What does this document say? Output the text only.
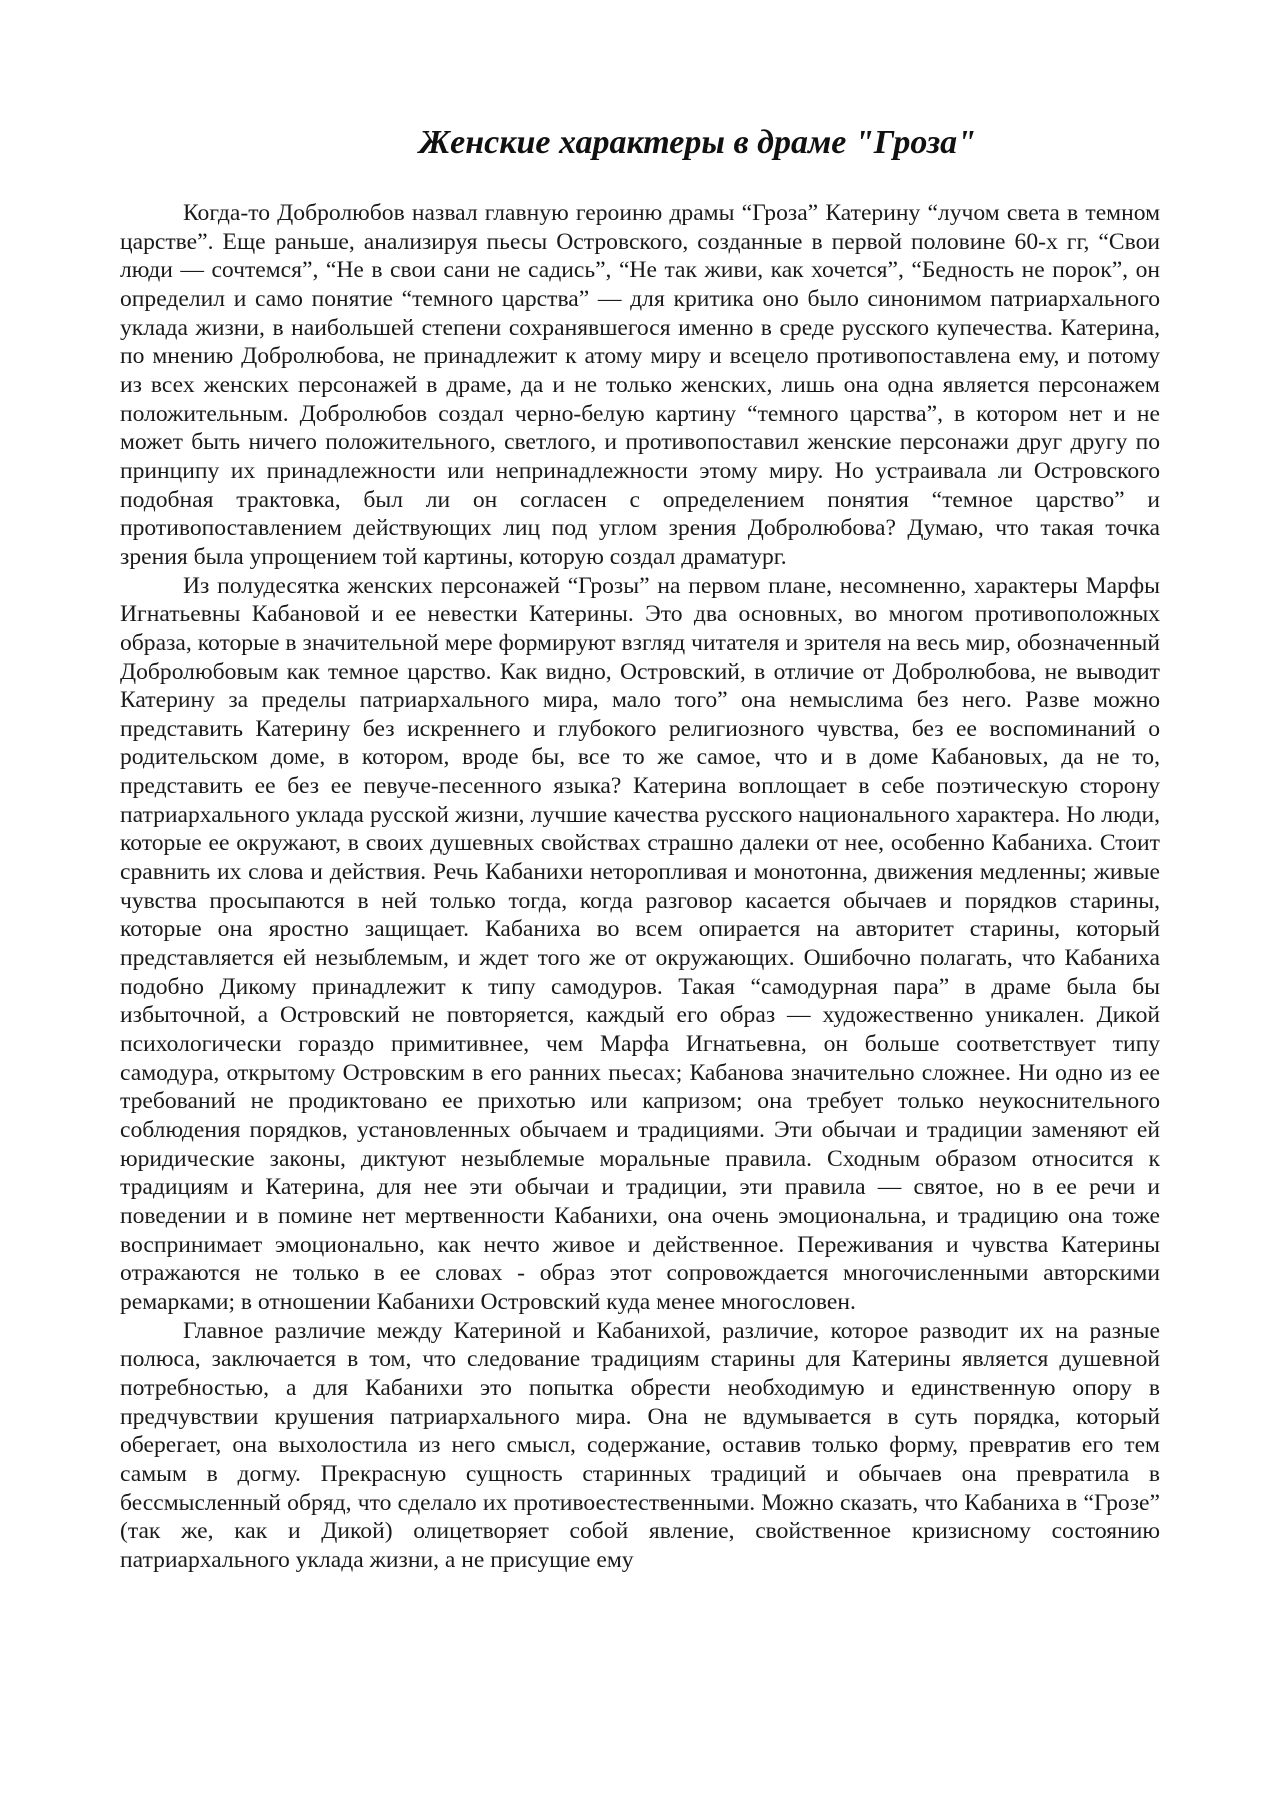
Женские характеры в драме "Гроза"

Когда-то Добролюбов назвал главную героиню драмы “Гроза” Катерину “лучом света в темном царстве”. Еще раньше, анализируя пьесы Островского, созданные в первой половине 60-х гг, “Свои люди — сочтемся”, “Не в свои сани не садись”, “Не так живи, как хочется”, “Бедность не порок”, он определил и само понятие “темного царства” — для критика оно было синонимом патриархального уклада жизни, в наибольшей степени сохранявшегося именно в среде русского купечества. Катерина, по мнению Добролюбова, не принадлежит к атому миру и всецело противопоставлена ему, и потому из всех женских персонажей в драме, да и не только женских, лишь она одна является персонажем положительным. Добролюбов создал черно-белую картину “темного царства”, в котором нет и не может быть ничего положительного, светлого, и противопоставил женские персонажи друг другу по принципу их принадлежности или непринадлежности этому миру. Но устраивала ли Островского подобная трактовка, был ли он согласен с определением понятия “темное царство” и противопоставлением действующих лиц под углом зрения Добролюбова? Думаю, что такая точка зрения была упрощением той картины, которую создал драматург.

Из полудесятка женских персонажей “Грозы” на первом плане, несомненно, характеры Марфы Игнатьевны Кабановой и ее невестки Катерины. Это два основных, во многом противоположных образа, которые в значительной мере формируют взгляд читателя и зрителя на весь мир, обозначенный Добролюбовым как темное царство. Как видно, Островский, в отличие от Добролюбова, не выводит Катерину за пределы патриархального мира, мало того” она немыслима без него. Разве можно представить Катерину без искреннего и глубокого религиозного чувства, без ее воспоминаний о родительском доме, в котором, вроде бы, все то же самое, что и в доме Кабановых, да не то, представить ее без ее певуче-песенного языка? Катерина воплощает в себе поэтическую сторону патриархального уклада русской жизни, лучшие качества русского национального характера. Но люди, которые ее окружают, в своих душевных свойствах страшно далеки от нее, особенно Кабаниха. Стоит сравнить их слова и действия. Речь Кабанихи неторопливая и монотонна, движения медленны; живые чувства просыпаются в ней только тогда, когда разговор касается обычаев и порядков старины, которые она яростно защищает. Кабаниха во всем опирается на авторитет старины, который представляется ей незыблемым, и ждет того же от окружающих. Ошибочно полагать, что Кабаниха подобно Дикому принадлежит к типу самодуров. Такая “самодурная пара” в драме была бы избыточной, а Островский не повторяется, каждый его образ — художественно уникален. Дикой психологически гораздо примитивнее, чем Марфа Игнатьевна, он больше соответствует типу самодура, открытому Островским в его ранних пьесах; Кабанова значительно сложнее. Ни одно из ее требований не продиктовано ее прихотью или капризом; она требует только неукоснительного соблюдения порядков, установленных обычаем и традициями. Эти обычаи и традиции заменяют ей юридические законы, диктуют незыблемые моральные правила. Сходным образом относится к традициям и Катерина, для нее эти обычаи и традиции, эти правила — святое, но в ее речи и поведении и в помине нет мертвенности Кабанихи, она очень эмоциональна, и традицию она тоже воспринимает эмоционально, как нечто живое и действенное. Переживания и чувства Катерины отражаются не только в ее словах - образ этот сопровождается многочисленными авторскими ремарками; в отношении Кабанихи Островский куда менее многословен.

Главное различие между Катериной и Кабанихой, различие, которое разводит их на разные полюса, заключается в том, что следование традициям старины для Катерины является душевной потребностью, а для Кабанихи это попытка обрести необходимую и единственную опору в предчувствии крушения патриархального мира. Она не вдумывается в суть порядка, который оберегает, она выхолостила из него смысл, содержание, оставив только форму, превратив его тем самым в догму. Прекрасную сущность старинных традиций и обычаев она превратила в бессмысленный обряд, что сделало их противоестественными. Можно сказать, что Кабаниха в “Грозе” (так же, как и Дикой) олицетворяет собой явление, свойственное кризисному состоянию патриархального уклада жизни, а не присущие ему
